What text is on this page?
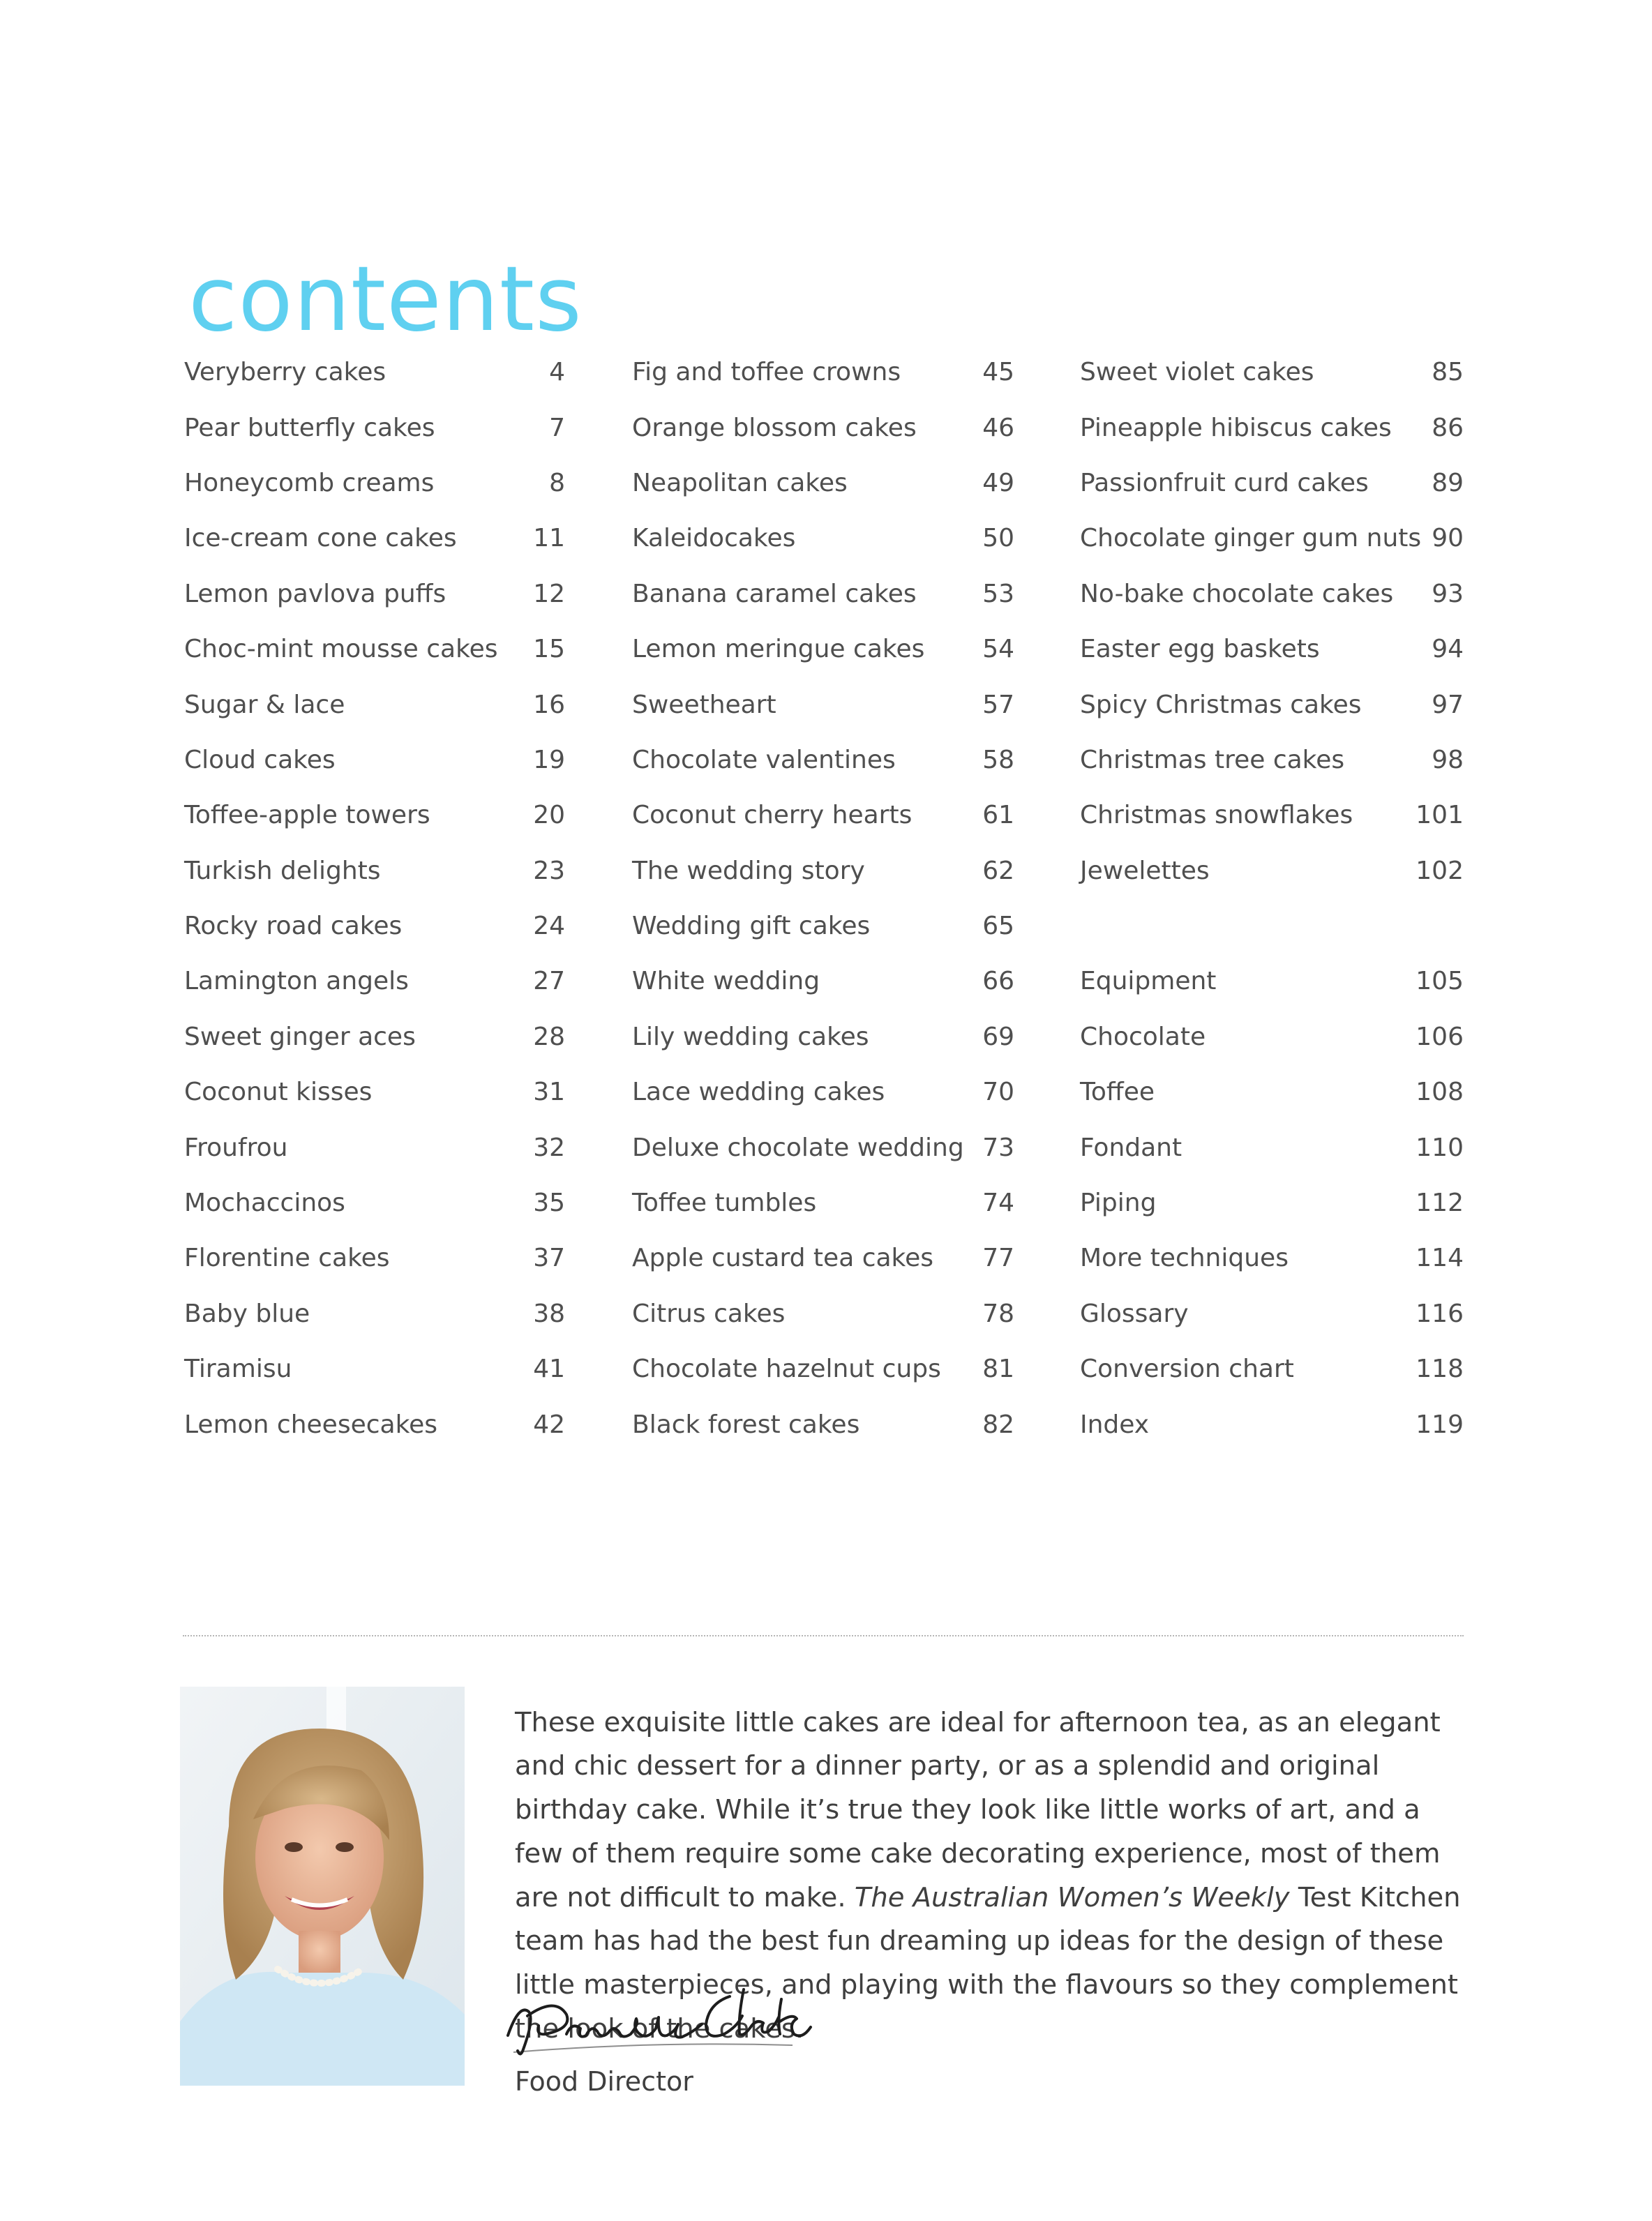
contents
Veryberry cakes	4
Pear butterfly cakes	7
Honeycomb creams	8
Ice-cream cone cakes	11
Lemon pavlova puffs	12
Choc-mint mousse cakes 15
Sugar & lace	16
Cloud cakes	19
Toffee-apple towers	20
Turkish delights	23
Rocky road cakes	24
Lamington angels	27
Sweet ginger aces	28
Coconut kisses	31
Froufrou	32
Mochaccinos	35
Florentine cakes	37
Baby blue	38
Tiramisu	41
Lemon cheesecakes	42
Fig and toffee crowns	45
Orange blossom cakes	46
Neapolitan cakes	49
Kaleidocakes	50
Banana caramel cakes	53
Lemon meringue cakes 54
Sweetheart	57
Chocolate valentines	58
Coconut cherry hearts	61
The wedding story	62
Wedding gift cakes	65
White wedding	66
Lily wedding cakes	69
Lace wedding cakes	70
Deluxe chocolate wedding 73
Toffee tumbles	74
Apple custard tea cakes 77
Citrus cakes	78
Chocolate hazelnut cups 81
Black forest cakes	82
Sweet violet cakes	85
Pineapple hibiscus cakes 86
Passionfruit curd cakes	89
Chocolate ginger gum nuts 90
No-bake chocolate cakes 93
Easter egg baskets	94
Spicy Christmas cakes	97
Christmas tree cakes	98
Christmas snowflakes	101
Jewelettes	102
Equipment	105
Chocolate	106
Toffee	108
Fondant	110
Piping	112
More techniques	114
Glossary	116
Conversion chart	118
Index	119

These exquisite little cakes are ideal for afternoon tea, as an elegant and chic dessert for a dinner party, or as a splendid and original birthday cake. While it’s true they look like little works of art, and a few of them require some cake decorating experience, most of them are not difficult to make. The Australian Women’s Weekly Test Kitchen team has had the best fun dreaming up ideas for the design of these little masterpieces, and playing with the flavours so they complement the look of the cakes.

Food Director
